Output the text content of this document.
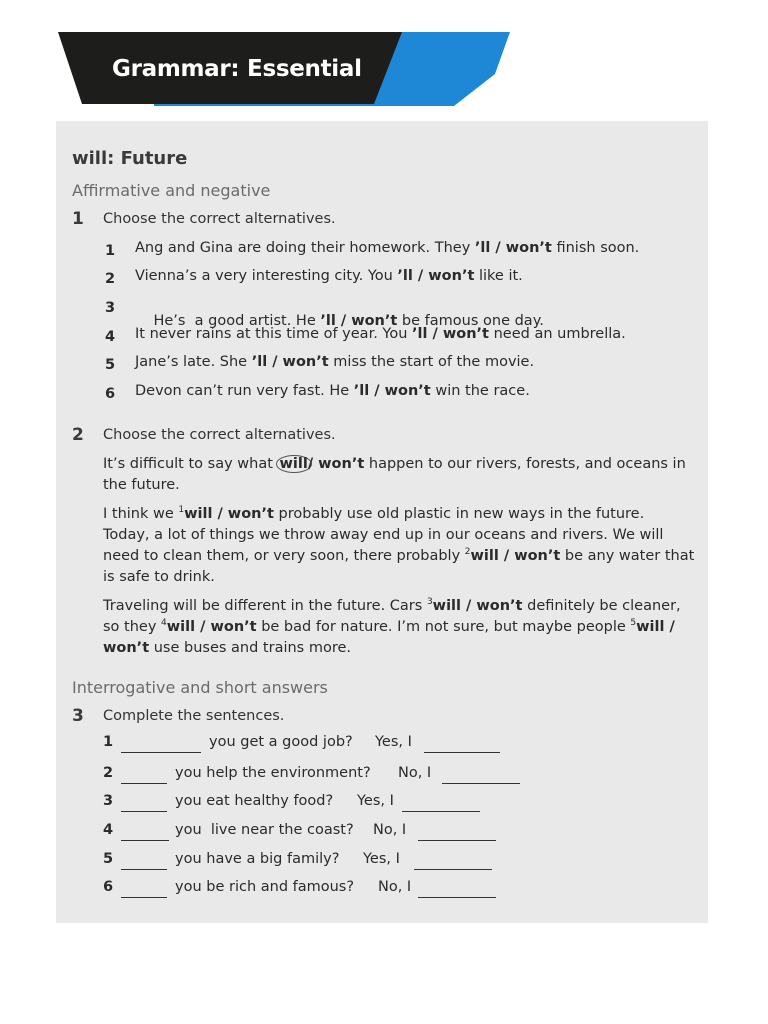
Grammar: Essential
will: Future
Affirmative and negative
1 Choose the correct alternatives.
1 Ang and Gina are doing their homework. They ’ll / won’t finish soon.
2 Vienna’s a very interesting city. You ’ll / won’t like it.
3

He’s  a good artist. He ’ll / won’t be famous one day.

4 It never rains at this time of year. You ’ll / won’t need an umbrella.
5 Jane’s late. She ’ll / won’t miss the start of the movie.
6 Devon can’t run very fast. He ’ll / won’t win the race.
2 Choose the correct alternatives.
It’s difficult to say what will/ won’t happen to our rivers, forests, and oceans in the future.
I think we $^1$will / won’t probably use old plastic in new ways in the future. Today, a lot of things we throw away end up in our oceans and rivers. We will need to clean them, or very soon, there probably $^2$will / won’t be any water that is safe to drink.
Traveling will be different in the future. Cars $^3$will / won’t definitely be cleaner, so they $^4$will / won’t be bad for nature. I’m not sure, but maybe people $^5$will / won’t use buses and trains more.
Interrogative and short answers
3 Complete the sentences.
1	you get a good job? Yes, I
2	you help the environment? No, I
3	you eat healthy food? Yes, I
4	you  live near the coast? No, I
5	you have a big family? Yes, I
6	you be rich and famous? No, I
